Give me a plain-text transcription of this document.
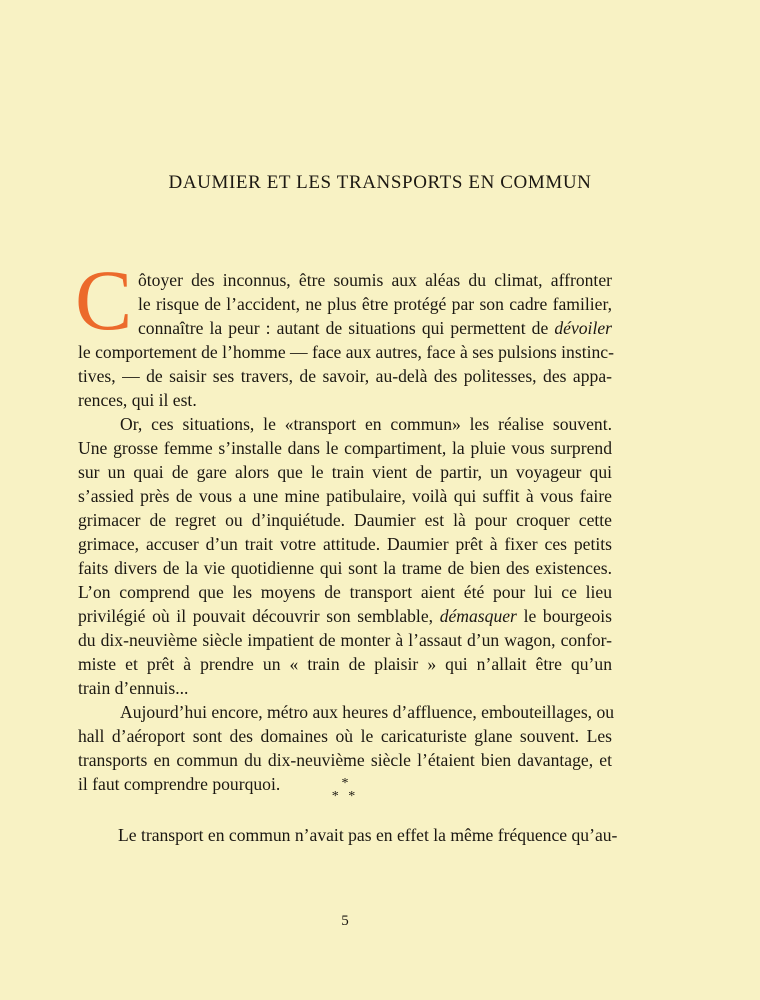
DAUMIER ET LES TRANSPORTS EN COMMUN
C ôtoyer des inconnus, être soumis aux aléas du climat, affronter
le risque de l’accident, ne plus être protégé par son cadre familier,
connaître la peur : autant de situations qui permettent de dévoiler
le comportement de l’homme — face aux autres, face à ses pulsions instinc-
tives, — de saisir ses travers, de savoir, au-delà des politesses, des appa-
rences, qui il est.
Or, ces situations, le «transport en commun» les réalise souvent.
Une grosse femme s’installe dans le compartiment, la pluie vous surprend
sur un quai de gare alors que le train vient de partir, un voyageur qui
s’assied près de vous a une mine patibulaire, voilà qui suffit à vous faire
grimacer de regret ou d’inquiétude. Daumier est là pour croquer cette
grimace, accuser d’un trait votre attitude. Daumier prêt à fixer ces petits
faits divers de la vie quotidienne qui sont la trame de bien des existences.
L’on comprend que les moyens de transport aient été pour lui ce lieu
privilégié où il pouvait découvrir son semblable, démasquer le bourgeois
du dix-neuvième siècle impatient de monter à l’assaut d’un wagon, confor-
miste et prêt à prendre un « train de plaisir » qui n’allait être qu’un
train d’ennuis...
Aujourd’hui encore, métro aux heures d’affluence, embouteillages, ou
hall d’aéroport sont des domaines où le caricaturiste glane souvent. Les
transports en commun du dix-neuvième siècle l’étaient bien davantage, et
il faut comprendre pourquoi.	*
* *
Le transport en commun n’avait pas en effet la même fréquence qu’au-
5
